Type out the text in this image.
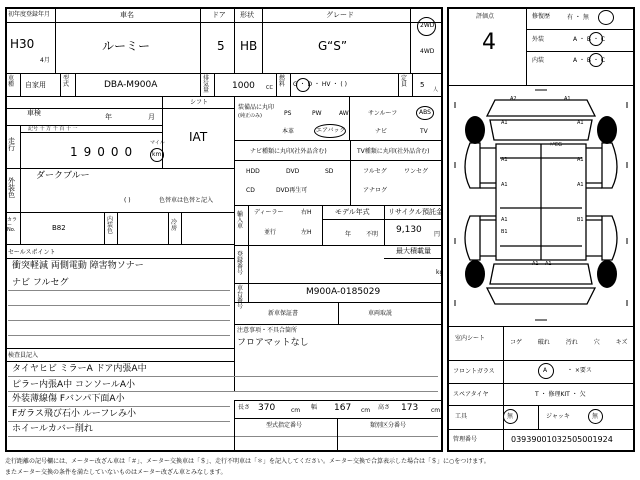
初年度登録年月	車名	ドア 形状	グレード
H30
4月
ルーミー	5 HB	G“S”
2WD
4WD
車種	自家用
型式	DBA-M900A
排気量	1000 CC
燃料	G ・ D ・ HV ・ ( )
定員	5
人
車検	年	月
シフト
IAT
走行
記号 十 万 千 百 十 一
19000
マイル
km
外装色
ダークブルー
( )	色替車は色替と記入
カラーNo.	B82
内装色
冷房
セールスポイント
衝突軽減 両側電動 障害物ソナー
ナビ フルセグ
検査員記入
タイヤヒビ ミラーA ドア内張A中
ピラー内張A中 コンソールA小
外装薄線傷 Fバンパ下面A小
Fガラス飛び石小 ルーフレみ小
ホイールカバー削れ
装備品に丸印
(純正のみ)	PS	PW	AW	サンルーフ	ABS
本革	エアバック	ナビ	TV
ナビ種類に丸印(社外品含む)	TV種類に丸印(社外品含む)
HDD	DVD	SD
CD	DVD再生可
フルセグ	ワンセグ
アナログ
輸入車
ディーラー	右H
並行	左H
モデル年式
年 不明
リサイクル預託金
9,130 円
登録番号
最大積載量
kg
車台番号
M900A-0185029
新車保証書	車両取説
注意事項・不具合箇所
フロアマットなし
長さ 370	cm 幅 167 cm 高さ 173 cm
型式指定番号	類別区分番号
評価点
4
修復歴	有 ・ 無
外装	A ・ B ・ C
内装	A ・ B ・ C
A2	A1
A1	A1
ﾊ℃G
A1	A1
A1	A1
A1
B1
B1
A1 A1
室内シート
コゲ 破れ 汚れ 穴 キズ
フロントガラス	A	・ ×要ス
スペアタイヤ	T ・ 修理KIT ・ 欠
工具	無	ジャッキ	無
管理番号	03939001032505001924
走行距離の記号欄には、メーター改ざん車は「＃」、メーター交換車は「＄」、走行不明車は「＊」を記入してください。メーター交換で合算表示した場合は「＄」に○をつけます。
またメーター交換の条件を満たしていないものはメーター改ざん車とみなします。
